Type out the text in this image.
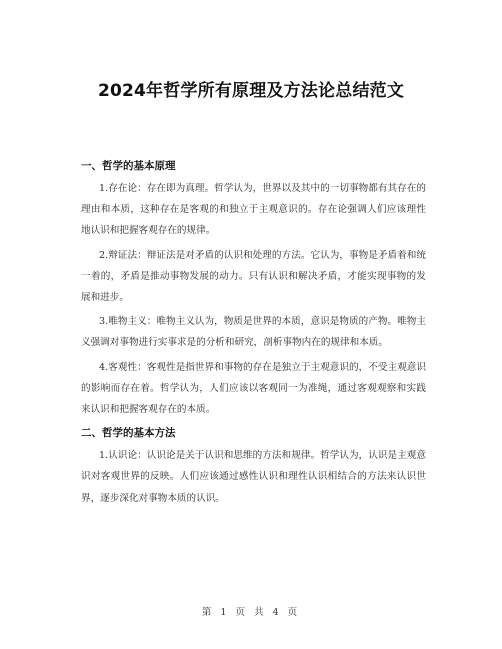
2024年哲学所有原理及方法论总结范文
一、哲学的基本原理

1.存在论：存在即为真理。哲学认为，世界以及其中的一切事物都有其存在的理由和本质，这种存在是客观的和独立于主观意识的。存在论强调人们应该理性地认识和把握客观存在的规律。

2.辩证法：辩证法是对矛盾的认识和处理的方法。它认为，事物是矛盾着和统一着的，矛盾是推动事物发展的动力。只有认识和解决矛盾，才能实现事物的发展和进步。

3.唯物主义：唯物主义认为，物质是世界的本质，意识是物质的产物。唯物主义强调对事物进行实事求是的分析和研究，剖析事物内在的规律和本质。

4.客观性：客观性是指世界和事物的存在是独立于主观意识的，不受主观意识的影响而存在着。哲学认为，人们应该以客观同一为准绳，通过客观观察和实践来认识和把握客观存在的本质。

二、哲学的基本方法

1.认识论：认识论是关于认识和思维的方法和规律。哲学认为，认识是主观意识对客观世界的反映。人们应该通过感性认识和理性认识相结合的方法来认识世界，逐步深化对事物本质的认识。

第 1 页 共 4 页
